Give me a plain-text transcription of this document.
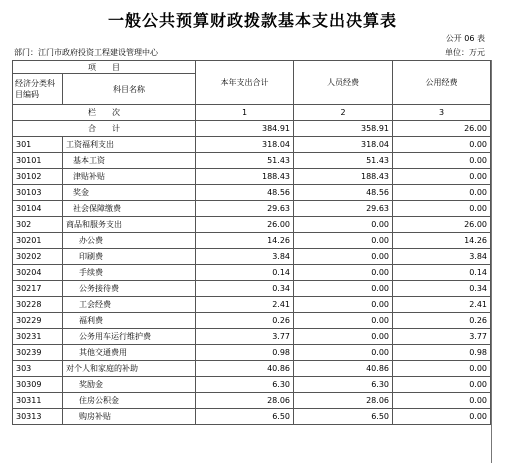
一般公共预算财政拨款基本支出决算表
公开 06 表
部门：江门市政府投资工程建设管理中心	单位：万元
项　　目		本年支出合计	人员经费	公用经费
经济分类科目编码	科目名称			

栏　　次		1	2	3
合　　计		384.91	358.91	26.00
301	工资福利支出	318.04	318.04	0.00
30101	基本工资	51.43	51.43	0.00
30102	津贴补贴	188.43	188.43	0.00
30103	奖金	48.56	48.56	0.00
30104	社会保障缴费	29.63	29.63	0.00
302	商品和服务支出	26.00	0.00	26.00
30201	办公费	14.26	0.00	14.26
30202	印刷费	3.84	0.00	3.84
30204	手续费	0.14	0.00	0.14
30217	公务接待费	0.34	0.00	0.34
30228	工会经费	2.41	0.00	2.41
30229	福利费	0.26	0.00	0.26
30231	公务用车运行维护费	3.77	0.00	3.77
30239	其他交通费用	0.98	0.00	0.98
303	对个人和家庭的补助	40.86	40.86	0.00
30309	奖励金	6.30	6.30	0.00
30311	住房公积金	28.06	28.06	0.00
30313	购房补贴	6.50	6.50	0.00
